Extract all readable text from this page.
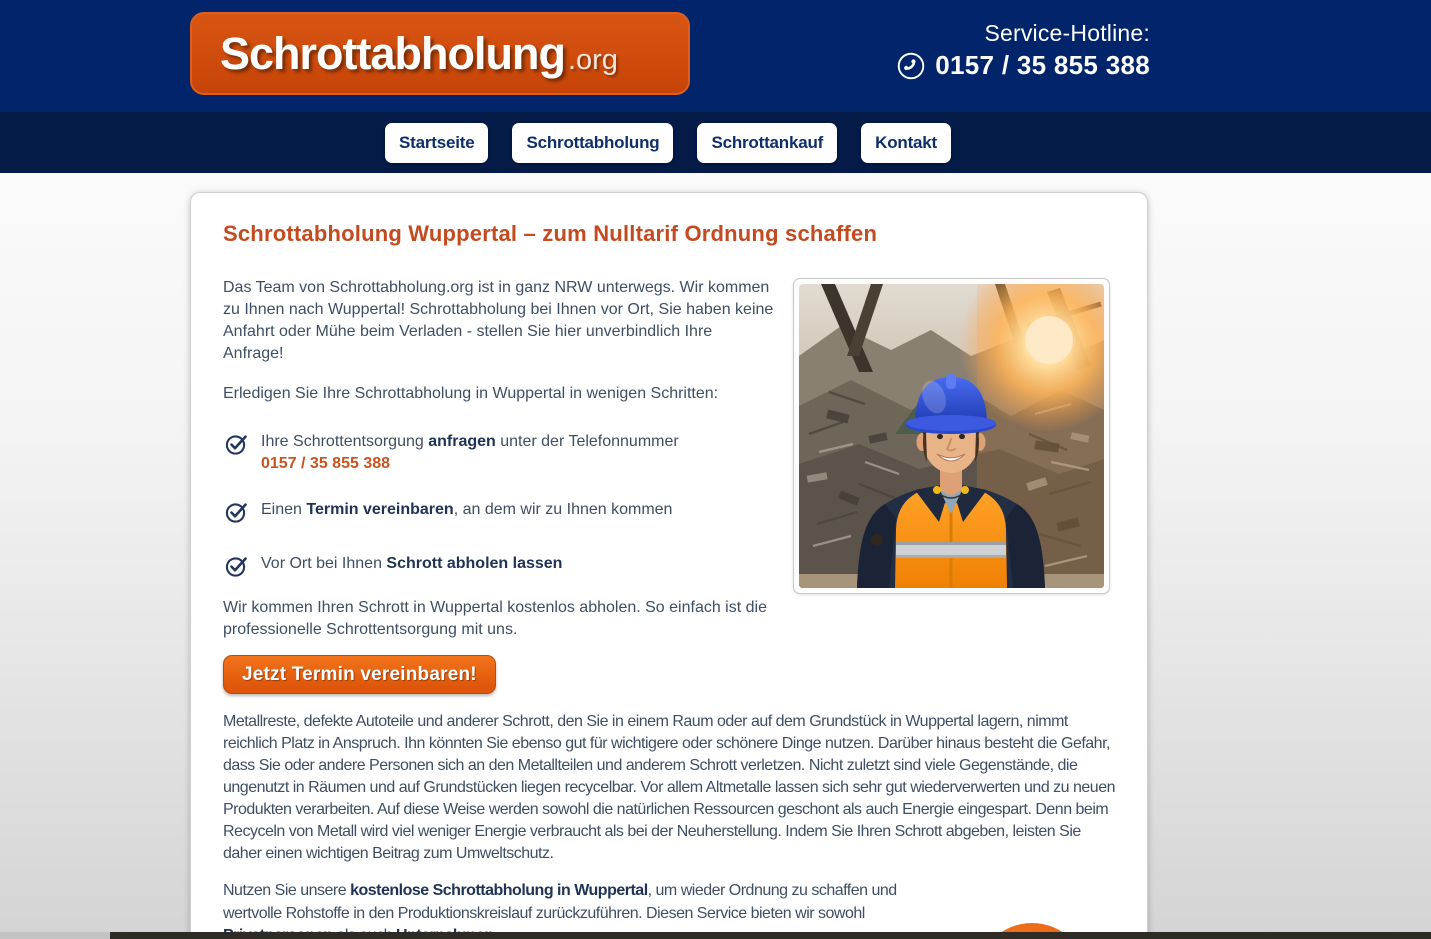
Schrottabholung .org
Service-Hotline:
0157 / 35 855 388
Startseite	Schrottabholung	Schrottankauf	Kontakt
Schrottabholung Wuppertal – zum Nulltarif Ordnung schaffen

Das Team von Schrottabholung.org ist in ganz NRW unterwegs. Wir kommen zu Ihnen nach Wuppertal! Schrottabholung bei Ihnen vor Ort, Sie haben keine Anfahrt oder Mühe beim Verladen - stellen Sie hier unverbindlich Ihre Anfrage!

Erledigen Sie Ihre Schrottabholung in Wuppertal in wenigen Schritten:

Ihre Schrottentsorgung anfragen unter der Telefonnummer
0157 / 35 855 388
Einen Termin vereinbaren, an dem wir zu Ihnen kommen
Vor Ort bei Ihnen Schrott abholen lassen

Wir kommen Ihren Schrott in Wuppertal kostenlos abholen. So einfach ist die professionelle Schrottentsorgung mit uns.

Jetzt Termin vereinbaren!

Metallreste, defekte Autoteile und anderer Schrott, den Sie in einem Raum oder auf dem Grundstück in Wuppertal lagern, nimmt reichlich Platz in Anspruch. Ihn könnten Sie ebenso gut für wichtigere oder schönere Dinge nutzen. Darüber hinaus besteht die Gefahr, dass Sie oder andere Personen sich an den Metallteilen und anderem Schrott verletzen. Nicht zuletzt sind viele Gegenstände, die ungenutzt in Räumen und auf Grundstücken liegen recycelbar. Vor allem Altmetalle lassen sich sehr gut wiederverwerten und zu neuen Produkten verarbeiten. Auf diese Weise werden sowohl die natürlichen Ressourcen geschont als auch Energie eingespart. Denn beim Recyceln von Metall wird viel weniger Energie verbraucht als bei der Neuherstellung. Indem Sie Ihren Schrott abgeben, leisten Sie daher einen wichtigen Beitrag zum Umweltschutz.

Nutzen Sie unsere kostenlose Schrottabholung in Wuppertal, um wieder Ordnung zu schaffen und wertvolle Rohstoffe in den Produktionskreislauf zurückzuführen. Diesen Service bieten wir sowohl
